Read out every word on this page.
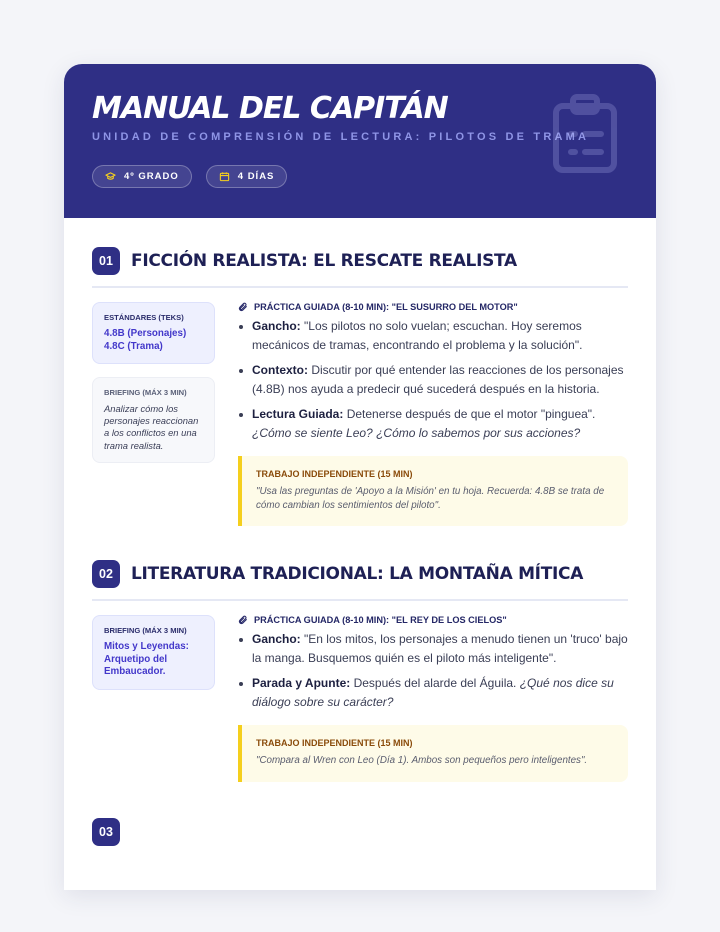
MANUAL DEL CAPITÁN
UNIDAD DE COMPRENSIÓN DE LECTURA: PILOTOS DE TRAMA
4º GRADO	4 DÍAS
01	FICCIÓN REALISTA: EL RESCATE REALISTA
ESTÁNDARES (TEKS)
4.8B (Personajes)
4.8C (Trama)
BRIEFING (MÁX 3 MIN)
Analizar cómo los personajes reaccionan a los conflictos en una trama realista.
PRÁCTICA GUIADA (8-10 MIN): "EL SUSURRO DEL MOTOR"
Gancho: "Los pilotos no solo vuelan; escuchan. Hoy seremos mecánicos de tramas, encontrando el problema y la solución".
Contexto: Discutir por qué entender las reacciones de los personajes (4.8B) nos ayuda a predecir qué sucederá después en la historia.
Lectura Guiada: Detenerse después de que el motor "pinguea". ¿Cómo se siente Leo? ¿Cómo lo sabemos por sus acciones?
TRABAJO INDEPENDIENTE (15 MIN)
"Usa las preguntas de 'Apoyo a la Misión' en tu hoja. Recuerda: 4.8B se trata de cómo cambian los sentimientos del piloto".
02	LITERATURA TRADICIONAL: LA MONTAÑA MÍTICA
BRIEFING (MÁX 3 MIN)
Mitos y Leyendas: Arquetipo del Embaucador.
PRÁCTICA GUIADA (8-10 MIN): "EL REY DE LOS CIELOS"
Gancho: "En los mitos, los personajes a menudo tienen un 'truco' bajo la manga. Busquemos quién es el piloto más inteligente".
Parada y Apunte: Después del alarde del Águila. ¿Qué nos dice su diálogo sobre su carácter?
TRABAJO INDEPENDIENTE (15 MIN)
"Compara al Wren con Leo (Día 1). Ambos son pequeños pero inteligentes".
03
